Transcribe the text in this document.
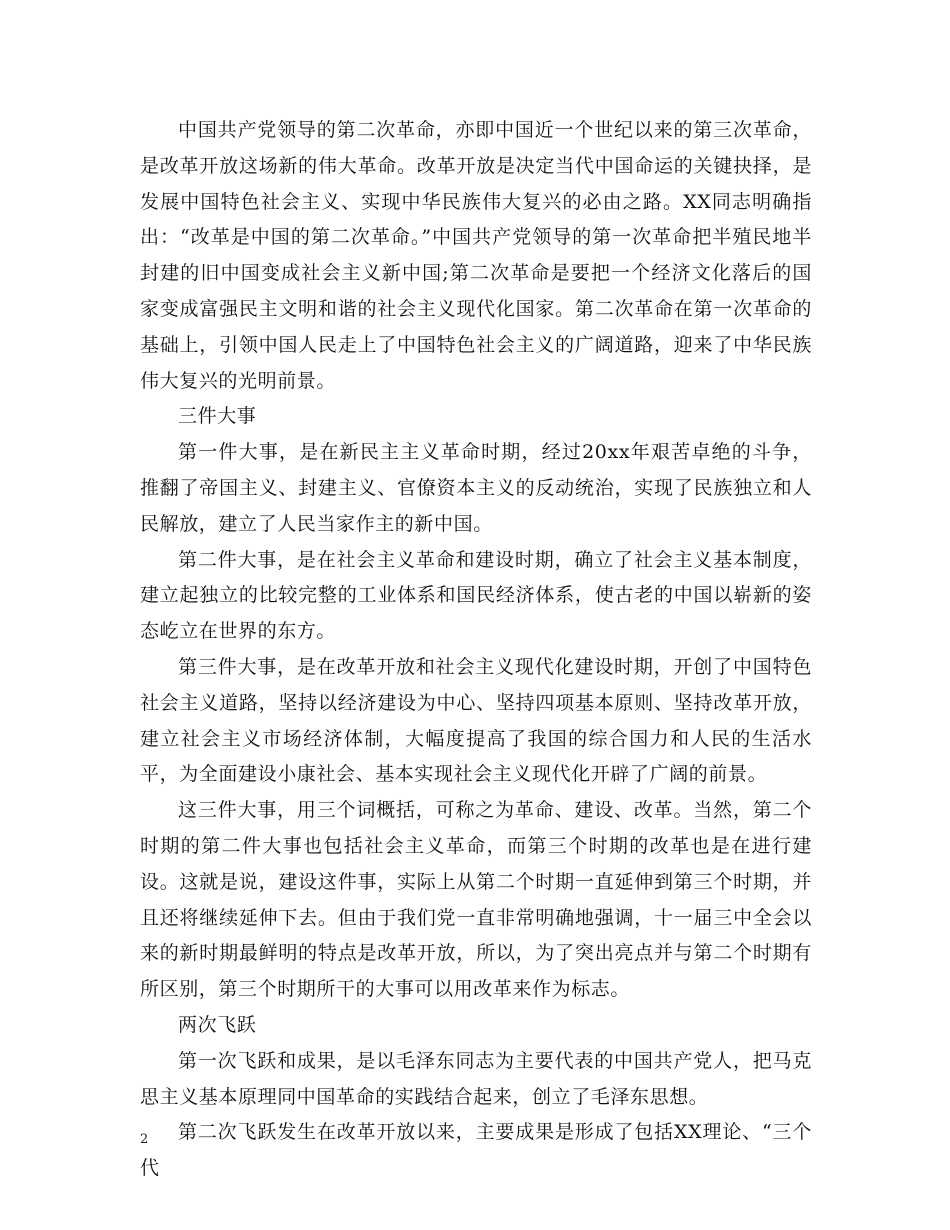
中国共产党领导的第二次革命，亦即中国近一个世纪以来的第三次革命，是改革开放这场新的伟大革命。改革开放是决定当代中国命运的关键抉择，是发展中国特色社会主义、实现中华民族伟大复兴的必由之路。XX同志明确指出：“改革是中国的第二次革命。”中国共产党领导的第一次革命把半殖民地半封建的旧中国变成社会主义新中国;第二次革命是要把一个经济文化落后的国家变成富强民主文明和谐的社会主义现代化国家。第二次革命在第一次革命的基础上，引领中国人民走上了中国特色社会主义的广阔道路，迎来了中华民族伟大复兴的光明前景。

三件大事

第一件大事，是在新民主主义革命时期，经过20xx年艰苦卓绝的斗争，推翻了帝国主义、封建主义、官僚资本主义的反动统治，实现了民族独立和人民解放，建立了人民当家作主的新中国。

第二件大事，是在社会主义革命和建设时期，确立了社会主义基本制度，建立起独立的比较完整的工业体系和国民经济体系，使古老的中国以崭新的姿态屹立在世界的东方。

第三件大事，是在改革开放和社会主义现代化建设时期，开创了中国特色社会主义道路，坚持以经济建设为中心、坚持四项基本原则、坚持改革开放，建立社会主义市场经济体制，大幅度提高了我国的综合国力和人民的生活水平，为全面建设小康社会、基本实现社会主义现代化开辟了广阔的前景。

这三件大事，用三个词概括，可称之为革命、建设、改革。当然，第二个时期的第二件大事也包括社会主义革命，而第三个时期的改革也是在进行建设。这就是说，建设这件事，实际上从第二个时期一直延伸到第三个时期，并且还将继续延伸下去。但由于我们党一直非常明确地强调，十一届三中全会以来的新时期最鲜明的特点是改革开放，所以，为了突出亮点并与第二个时期有所区别，第三个时期所干的大事可以用改革来作为标志。

两次飞跃

第一次飞跃和成果，是以毛泽东同志为主要代表的中国共产党人，把马克思主义基本原理同中国革命的实践结合起来，创立了毛泽东思想。

第二次飞跃发生在改革开放以来，主要成果是形成了包括XX理论、“三个代

2
